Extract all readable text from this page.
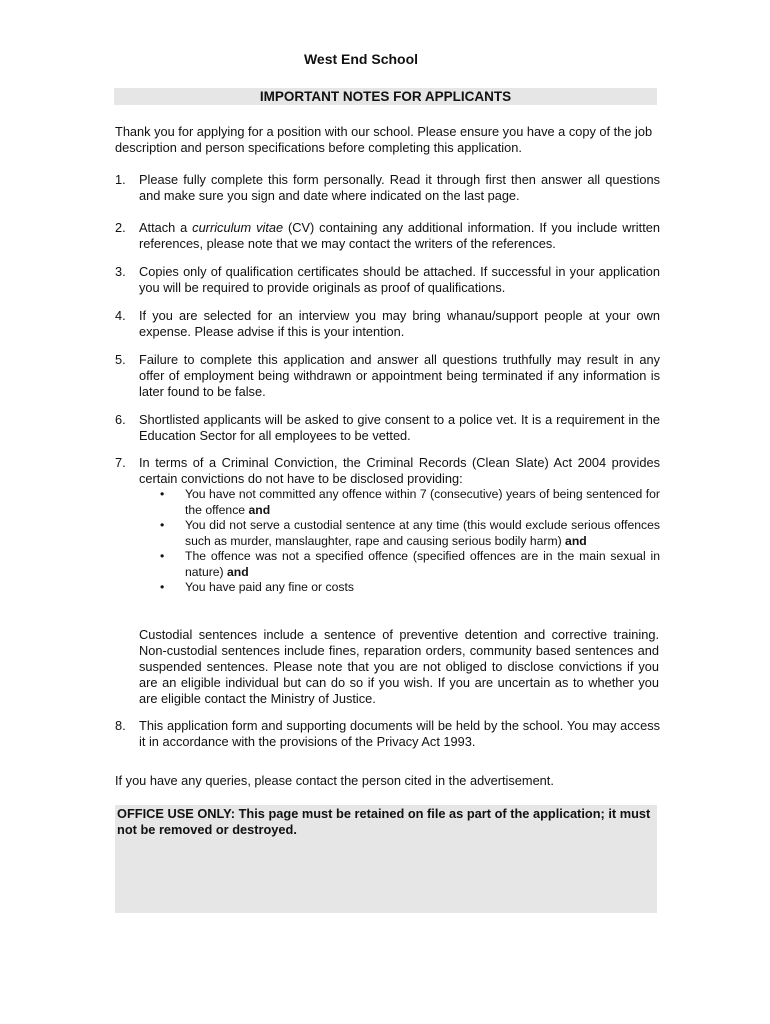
West End School
IMPORTANT NOTES FOR APPLICANTS
Thank you for applying for a position with our school. Please ensure you have a copy of the job description and person specifications before completing this application.
1.	Please fully complete this form personally. Read it through first then answer all questions and make sure you sign and date where indicated on the last page.
2.	Attach a curriculum vitae (CV) containing any additional information. If you include written references, please note that we may contact the writers of the references.
3.	Copies only of qualification certificates should be attached. If successful in your application you will be required to provide originals as proof of qualifications.
4.	If you are selected for an interview you may bring whanau/support people at your own expense. Please advise if this is your intention.
5.	Failure to complete this application and answer all questions truthfully may result in any offer of employment being withdrawn or appointment being terminated if any information is later found to be false.
6.	Shortlisted applicants will be asked to give consent to a police vet. It is a requirement in the Education Sector for all employees to be vetted.
7.	In terms of a Criminal Conviction, the Criminal Records (Clean Slate) Act 2004 provides certain convictions do not have to be disclosed providing:
• You have not committed any offence within 7 (consecutive) years of being sentenced for the offence and
• You did not serve a custodial sentence at any time (this would exclude serious offences such as murder, manslaughter, rape and causing serious bodily harm) and
• The offence was not a specified offence (specified offences are in the main sexual in nature) and
• You have paid any fine or costs
Custodial sentences include a sentence of preventive detention and corrective training. Non-custodial sentences include fines, reparation orders, community based sentences and suspended sentences. Please note that you are not obliged to disclose convictions if you are an eligible individual but can do so if you wish. If you are uncertain as to whether you are eligible contact the Ministry of Justice.
8.	This application form and supporting documents will be held by the school. You may access it in accordance with the provisions of the Privacy Act 1993.
If you have any queries, please contact the person cited in the advertisement.
OFFICE USE ONLY: This page must be retained on file as part of the application; it must not be removed or destroyed.
